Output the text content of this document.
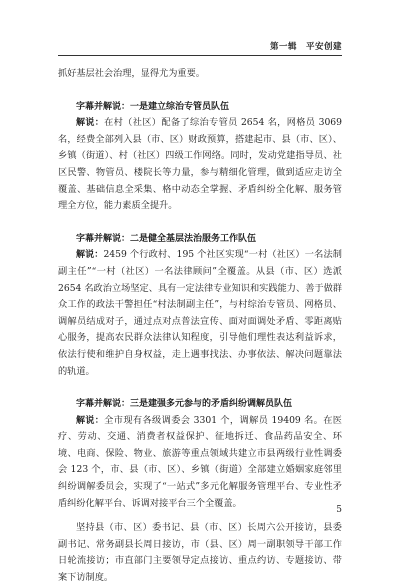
第一辑　平安创建

抓好基层社会治理，显得尤为重要。

字幕并解说：一是建立综治专管员队伍

解说：在村（社区）配备了综治专管员 2654 名，网格员 3069 名，经费全部列入县（市、区）财政预算，搭建起市、县（市、区）、乡镇（街道）、村（社区）四级工作网络。同时，发动党建指导员、社区民警、物管员、楼院长等力量，参与精细化管理，做到适应走访全覆盖、基础信息全采集、格中动态全掌握、矛盾纠纷全化解、服务管理全方位，能力素质全提升。

字幕并解说：二是健全基层法治服务工作队伍

解说：2459 个行政村、195 个社区实现“一村（社区）一名法制副主任”“一村（社区）一名法律顾问”全覆盖。从县（市、区）选派 2654 名政治立场坚定、具有一定法律专业知识和实践能力、善于做群众工作的政法干警担任“村法制副主任”，与村综治专管员、网格员、调解员结成对子，通过点对点普法宣传、面对面调处矛盾、零距离贴心服务，提高农民群众法律认知程度，引导他们理性表达利益诉求，依法行使和维护自身权益，走上遇事找法、办事依法、解决问题靠法的轨道。

字幕并解说：三是建强多元参与的矛盾纠纷调解员队伍

解说：全市现有各级调委会 3301 个，调解员 19409 名。在医疗、劳动、交通、消费者权益保护、征地拆迁、食品药品安全、环境、电商、保险、物业、旅游等重点领域共建立市县两级行业性调委会 123 个，市、县（市、区）、乡镇（街道）全部建立婚姻家庭邻里纠纷调解委员会，实现了“一站式”多元化解服务管理平台、专业性矛盾纠纷化解平台、诉调对接平台三个全覆盖。

坚持县（市、区）委书记、县（市、区）长周六公开接访，县委副书记、常务副县长周日接访，市（县、区）周一副职领导干部工作日轮流接访；市直部门主要领导定点接访、重点约访、专题接访、带案下访制度。

5
